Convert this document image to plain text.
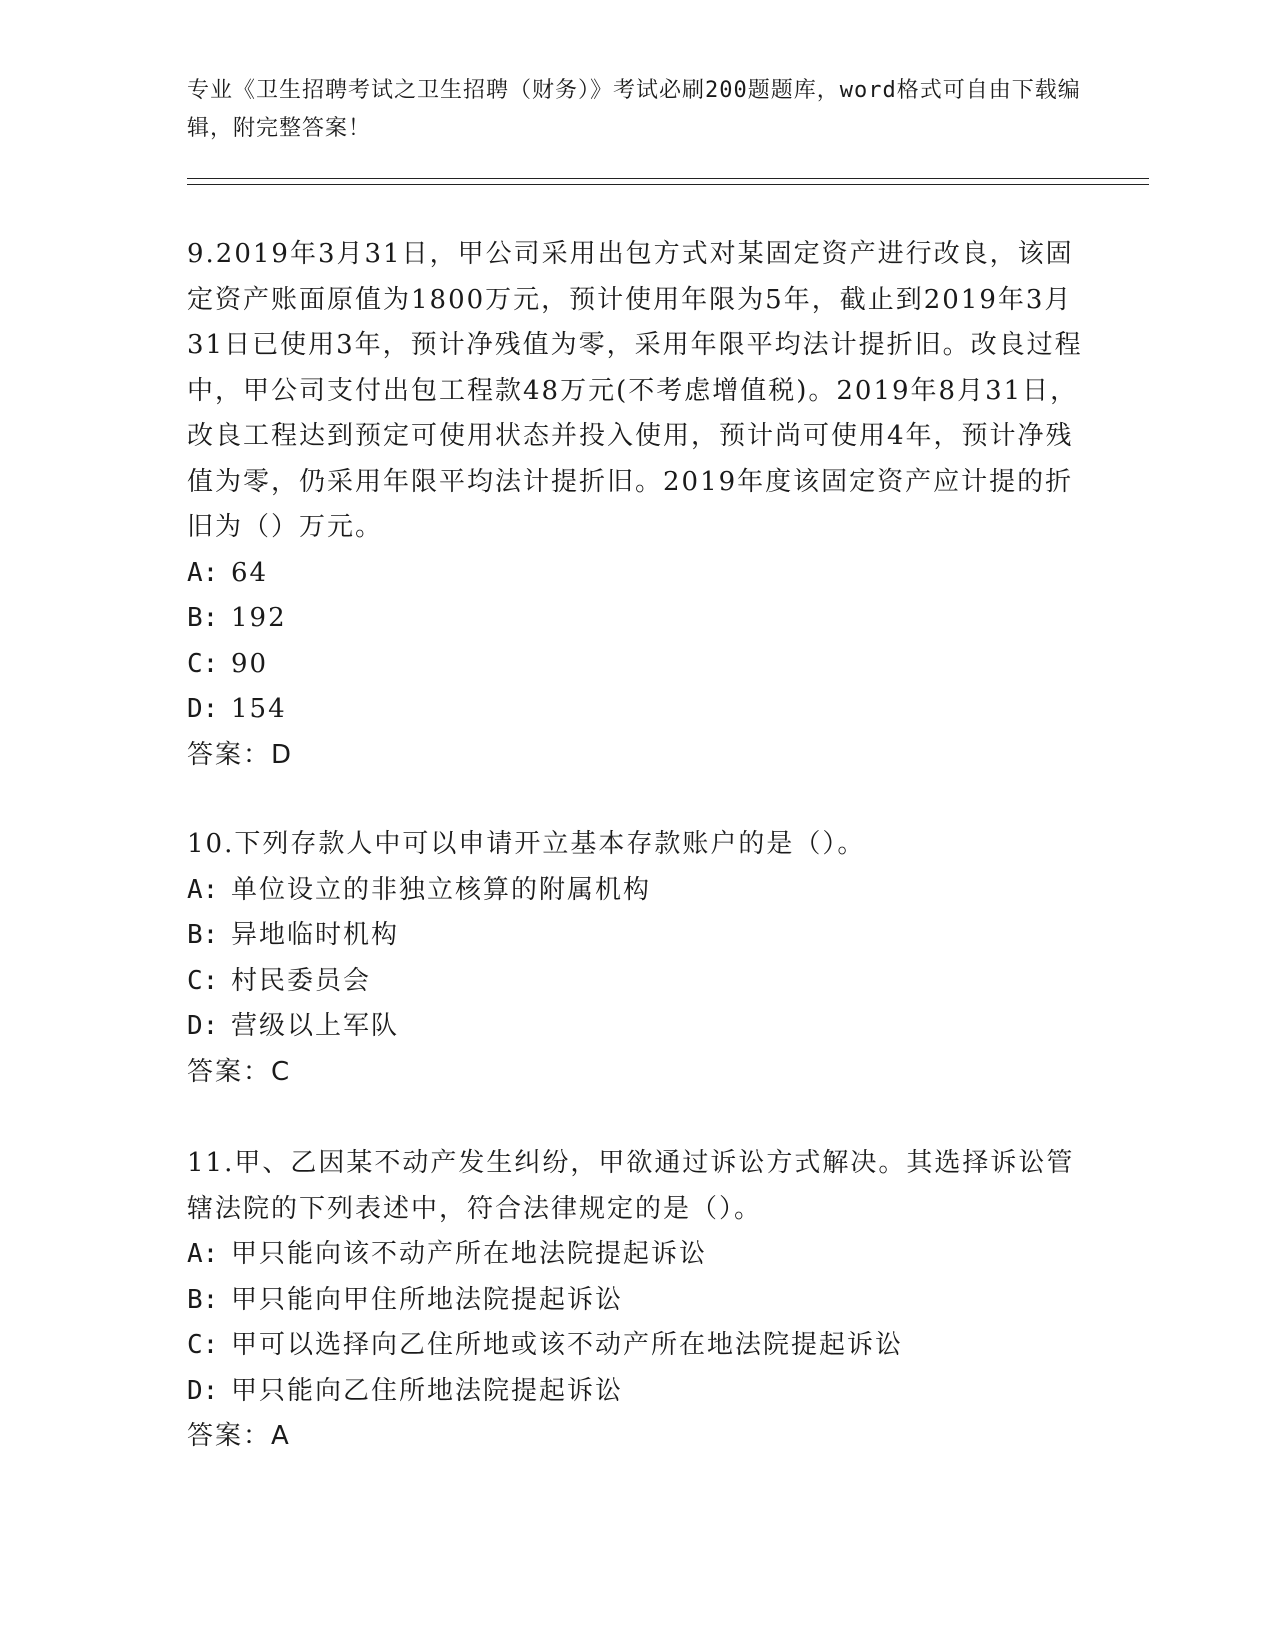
专业《卫生招聘考试之卫生招聘（财务）》考试必刷200题题库，word格式可自由下载编辑，附完整答案！

9.2019年3月31日，甲公司采用出包方式对某固定资产进行改良，该固定资产账面原值为1800万元，预计使用年限为5年，截止到2019年3月31日已使用3年，预计净残值为零，采用年限平均法计提折旧。改良过程中，甲公司支付出包工程款48万元(不考虑增值税)。2019年8月31日，改良工程达到预定可使用状态并投入使用，预计尚可使用4年，预计净残值为零，仍采用年限平均法计提折旧。2019年度该固定资产应计提的折旧为（）万元。

A: 64
B: 192
C: 90
D: 154
答案：D

10.下列存款人中可以申请开立基本存款账户的是（）。

A: 单位设立的非独立核算的附属机构
B: 异地临时机构
C: 村民委员会
D: 营级以上军队
答案：C

11.甲、乙因某不动产发生纠纷，甲欲通过诉讼方式解决。其选择诉讼管辖法院的下列表述中，符合法律规定的是（）。

A: 甲只能向该不动产所在地法院提起诉讼
B: 甲只能向甲住所地法院提起诉讼
C: 甲可以选择向乙住所地或该不动产所在地法院提起诉讼
D: 甲只能向乙住所地法院提起诉讼
答案：A
